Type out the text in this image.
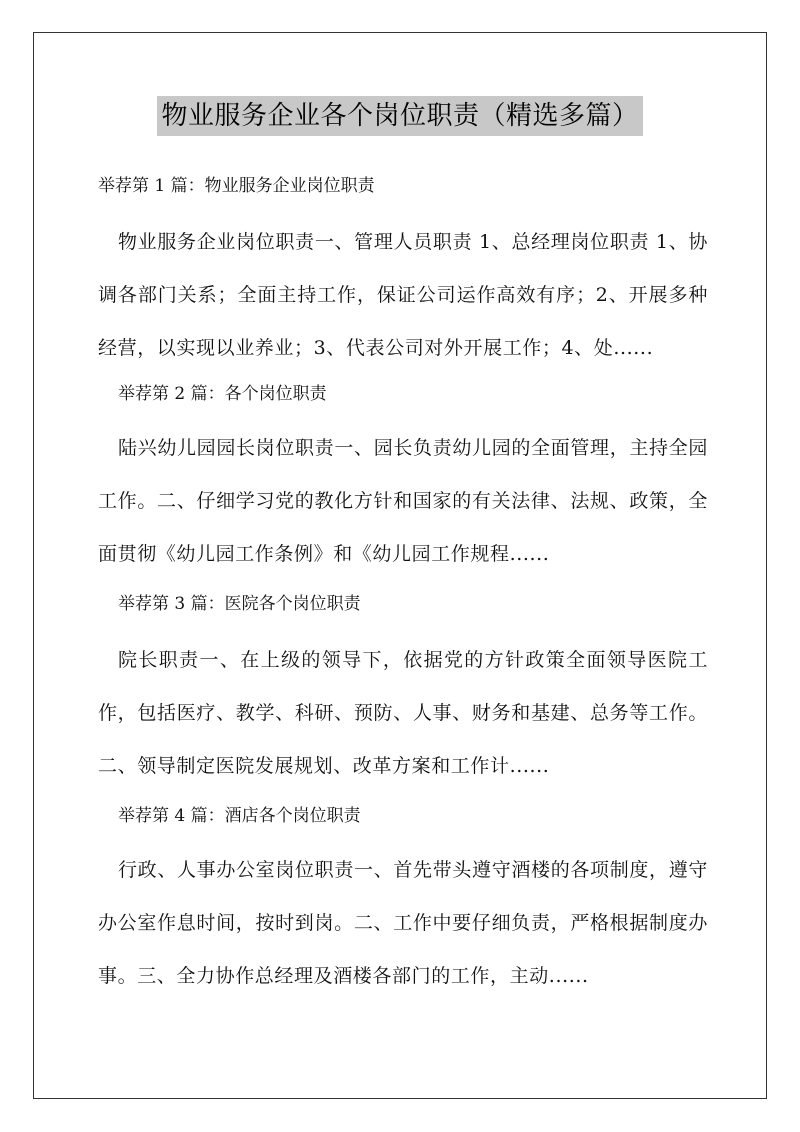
物业服务企业各个岗位职责（精选多篇）

举荐第 1 篇：物业服务企业岗位职责

物业服务企业岗位职责一、管理人员职责 1、总经理岗位职责 1、协调各部门关系；全面主持工作，保证公司运作高效有序；2、开展多种经营，以实现以业养业；3、代表公司对外开展工作；4、处......

举荐第 2 篇：各个岗位职责

陆兴幼儿园园长岗位职责一、园长负责幼儿园的全面管理，主持全园工作。二、仔细学习党的教化方针和国家的有关法律、法规、政策，全面贯彻《幼儿园工作条例》和《幼儿园工作规程......

举荐第 3 篇：医院各个岗位职责

院长职责一、在上级的领导下，依据党的方针政策全面领导医院工作，包括医疗、教学、科研、预防、人事、财务和基建、总务等工作。二、领导制定医院发展规划、改革方案和工作计......

举荐第 4 篇：酒店各个岗位职责

行政、人事办公室岗位职责一、首先带头遵守酒楼的各项制度，遵守办公室作息时间，按时到岗。二、工作中要仔细负责，严格根据制度办事。三、全力协作总经理及酒楼各部门的工作，主动......
